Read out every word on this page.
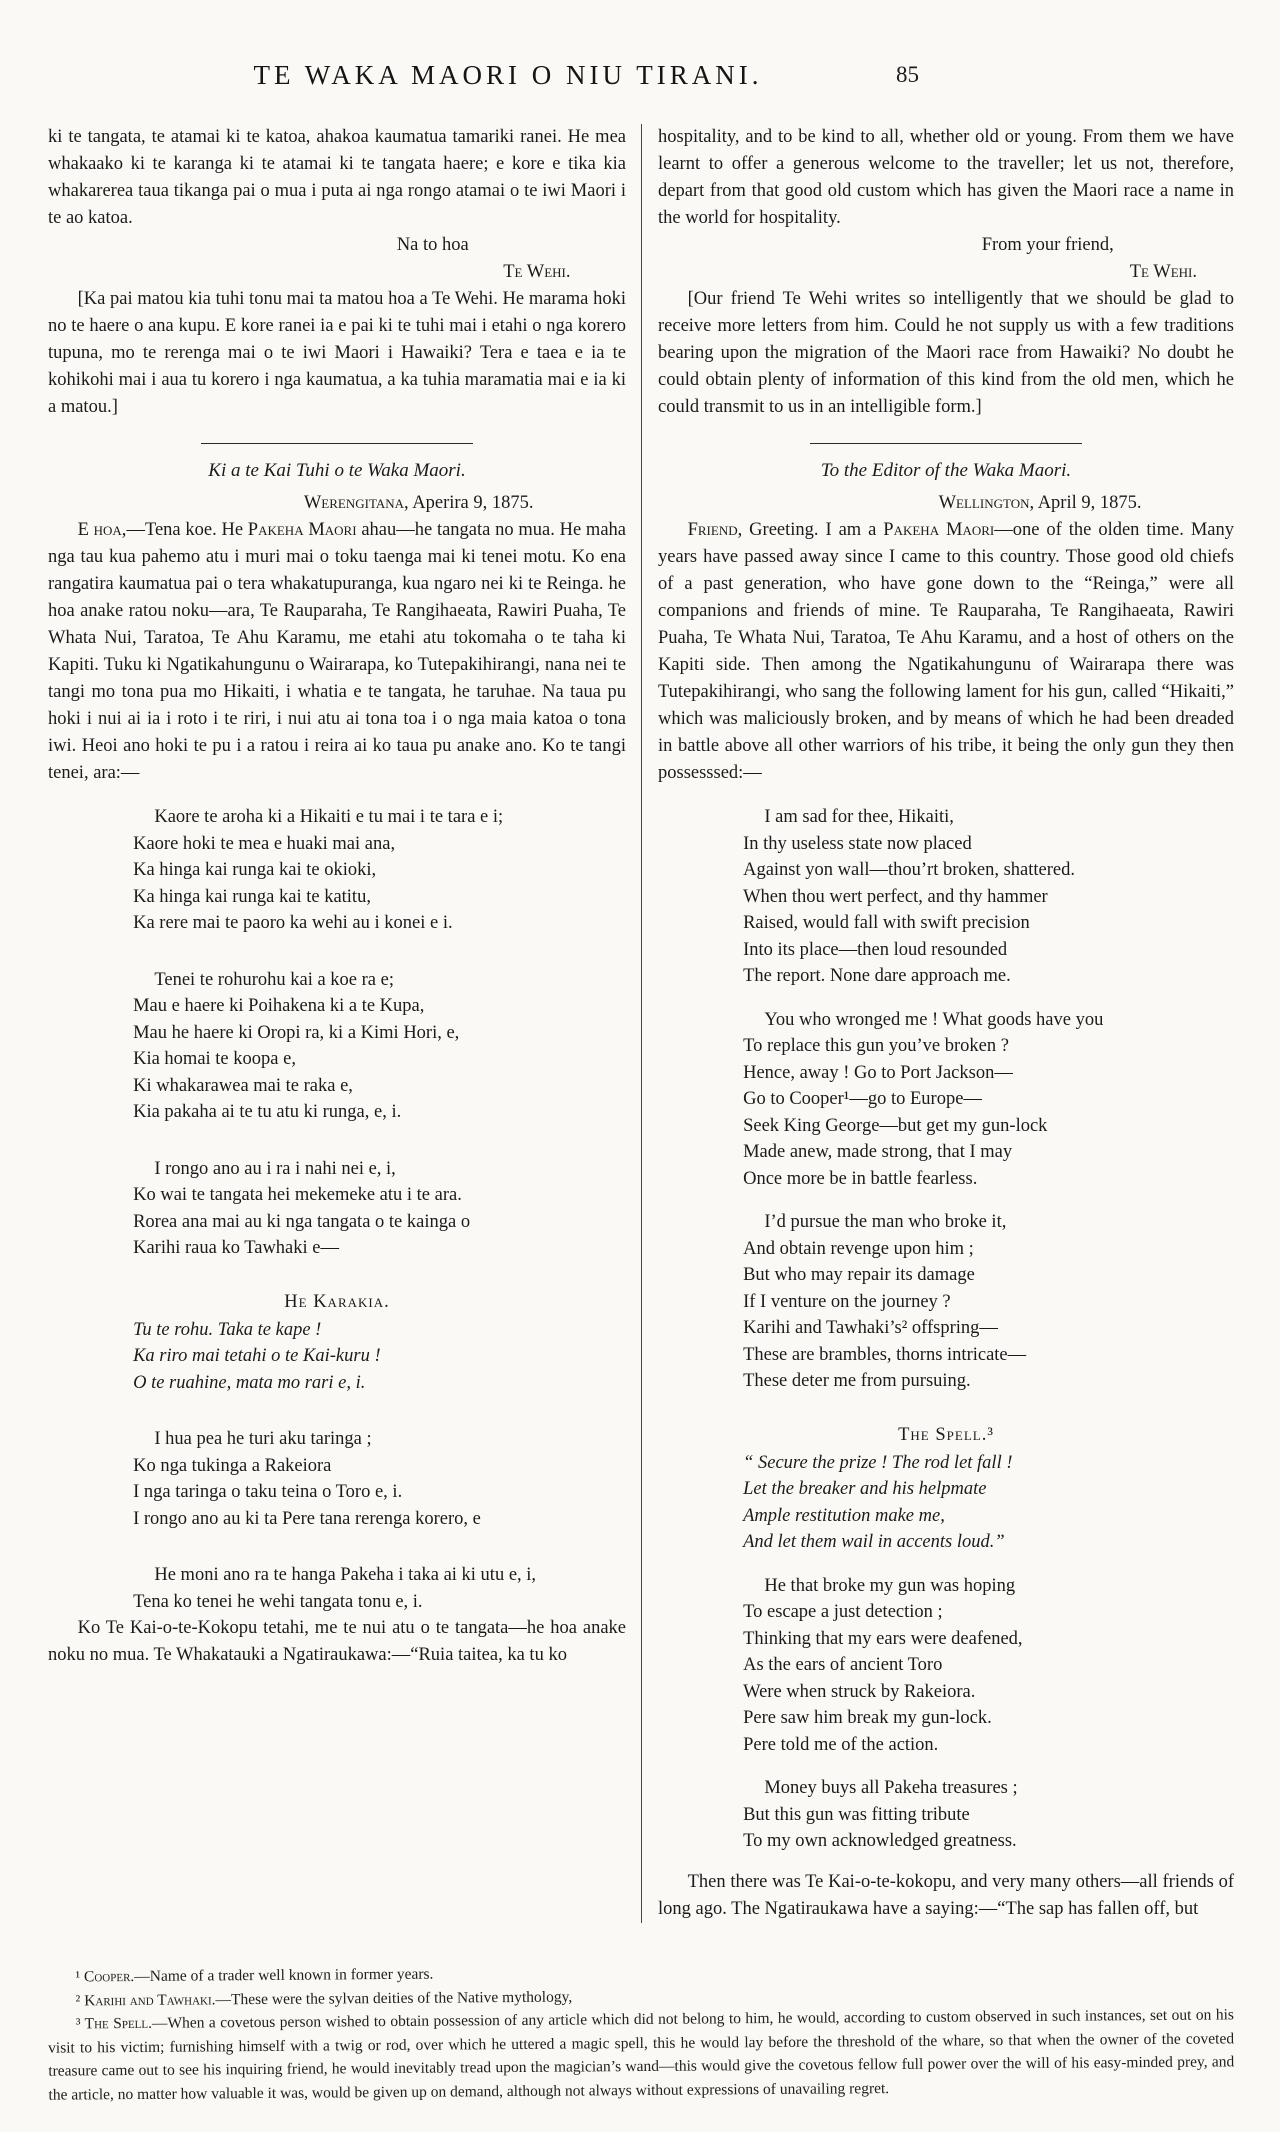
TE WAKA MAORI O NIU TIRANI.	85

ki te tangata, te atamai ki te katoa, ahakoa kaumatua tamariki ranei. He mea whakaako ki te karanga ki te atamai ki te tangata haere; e kore e tika kia whakarerea taua tikanga pai o mua i puta ai nga rongo atamai o te iwi Maori i te ao katoa.

Na to hoa
Te Wehi.

[Ka pai matou kia tuhi tonu mai ta matou hoa a Te Wehi. He marama hoki no te haere o ana kupu. E kore ranei ia e pai ki te tuhi mai i etahi o nga korero tupuna, mo te rerenga mai o te iwi Maori i Hawaiki? Tera e taea e ia te kohikohi mai i aua tu korero i nga kaumatua, a ka tuhia maramatia mai e ia ki a matou.]

Ki a te Kai Tuhi o te Waka Maori.
Werengitana, Aperira 9, 1875.

E hoa,—Tena koe. He Pakeha Maori ahau—he tangata no mua. He maha nga tau kua pahemo atu i muri mai o toku taenga mai ki tenei motu. Ko ena rangatira kaumatua pai o tera whakatupuranga, kua ngaro nei ki te Reinga. he hoa anake ratou noku—ara, Te Rauparaha, Te Rangihaeata, Rawiri Puaha, Te Whata Nui, Taratoa, Te Ahu Karamu, me etahi atu tokomaha o te taha ki Kapiti. Tuku ki Ngatikahungunu o Wairarapa, ko Tutepakihirangi, nana nei te tangi mo tona pua mo Hikaiti, i whatia e te tangata, he taruhae. Na taua pu hoki i nui ai ia i roto i te riri, i nui atu ai tona toa i o nga maia katoa o tona iwi. Heoi ano hoki te pu i a ratou i reira ai ko taua pu anake ano. Ko te tangi tenei, ara:—

Kaore te aroha ki a Hikaiti e tu mai i te tara e i;
Kaore hoki te mea e huaki mai ana,
Ka hinga kai runga kai te okioki,
Ka hinga kai runga kai te katitu,
Ka rere mai te paoro ka wehi au i konei e i.
Tenei te rohurohu kai a koe ra e;
Mau e haere ki Poihakena ki a te Kupa,
Mau he haere ki Oropi ra, ki a Kimi Hori, e,
Kia homai te koopa e,
Ki whakarawea mai te raka e,
Kia pakaha ai te tu atu ki runga, e, i.
I rongo ano au i ra i nahi nei e, i,
Ko wai te tangata hei mekemeke atu i te ara.
Rorea ana mai au ki nga tangata o te kainga o
Karihi raua ko Tawhaki e—
He Karakia.
Tu te rohu. Taka te kape !
Ka riro mai tetahi o te Kai-kuru !
O te ruahine, mata mo rari e, i.
I hua pea he turi aku taringa ;
Ko nga tukinga a Rakeiora
I nga taringa o taku teina o Toro e, i.
I rongo ano au ki ta Pere tana rerenga korero, e
He moni ano ra te hanga Pakeha i taka ai ki utu e, i,
Tena ko tenei he wehi tangata tonu e, i.

Ko Te Kai-o-te-Kokopu tetahi, me te nui atu o te tangata—he hoa anake noku no mua. Te Whakatauki a Ngatiraukawa:—“Ruia taitea, ka tu ko

hospitality, and to be kind to all, whether old or young. From them we have learnt to offer a generous welcome to the traveller; let us not, therefore, depart from that good old custom which has given the Maori race a name in the world for hospitality.

From your friend,
Te Wehi.

[Our friend Te Wehi writes so intelligently that we should be glad to receive more letters from him. Could he not supply us with a few traditions bearing upon the migration of the Maori race from Hawaiki? No doubt he could obtain plenty of information of this kind from the old men, which he could transmit to us in an intelligible form.]

To the Editor of the Waka Maori.
Wellington, April 9, 1875.

Friend, Greeting. I am a Pakeha Maori—one of the olden time. Many years have passed away since I came to this country. Those good old chiefs of a past generation, who have gone down to the “Reinga,” were all companions and friends of mine. Te Rauparaha, Te Rangihaeata, Rawiri Puaha, Te Whata Nui, Taratoa, Te Ahu Karamu, and a host of others on the Kapiti side. Then among the Ngatikahungunu of Wairarapa there was Tutepakihirangi, who sang the following lament for his gun, called “Hikaiti,” which was maliciously broken, and by means of which he had been dreaded in battle above all other warriors of his tribe, it being the only gun they then possesssed:—

I am sad for thee, Hikaiti,
In thy useless state now placed
Against yon wall—thou’rt broken, shattered.
When thou wert perfect, and thy hammer
Raised, would fall with swift precision
Into its place—then loud resounded
The report. None dare approach me.
You who wronged me ! What goods have you
To replace this gun you’ve broken ?
Hence, away ! Go to Port Jackson—
Go to Cooper¹—go to Europe—
Seek King George—but get my gun-lock
Made anew, made strong, that I may
Once more be in battle fearless.
I’d pursue the man who broke it,
And obtain revenge upon him ;
But who may repair its damage
If I venture on the journey ?
Karihi and Tawhaki’s² offspring—
These are brambles, thorns intricate—
These deter me from pursuing.
The Spell.³
“ Secure the prize ! The rod let fall !
Let the breaker and his helpmate
Ample restitution make me,
And let them wail in accents loud.”
He that broke my gun was hoping
To escape a just detection ;
Thinking that my ears were deafened,
As the ears of ancient Toro
Were when struck by Rakeiora.
Pere saw him break my gun-lock.
Pere told me of the action.
Money buys all Pakeha treasures ;
But this gun was fitting tribute
To my own acknowledged greatness.

Then there was Te Kai-o-te-kokopu, and very many others—all friends of long ago. The Ngatiraukawa have a saying:—“The sap has fallen off, but

¹ Cooper.—Name of a trader well known in former years.

² Karihi and Tawhaki.—These were the sylvan deities of the Native mythology,

³ The Spell.—When a covetous person wished to obtain possession of any article which did not belong to him, he would, according to custom observed in such instances, set out on his visit to his victim; furnishing himself with a twig or rod, over which he uttered a magic spell, this he would lay before the threshold of the whare, so that when the owner of the coveted treasure came out to see his inquiring friend, he would inevitably tread upon the magician’s wand—this would give the covetous fellow full power over the will of his easy-minded prey, and the article, no matter how valuable it was, would be given up on demand, although not always without expressions of unavailing regret.
